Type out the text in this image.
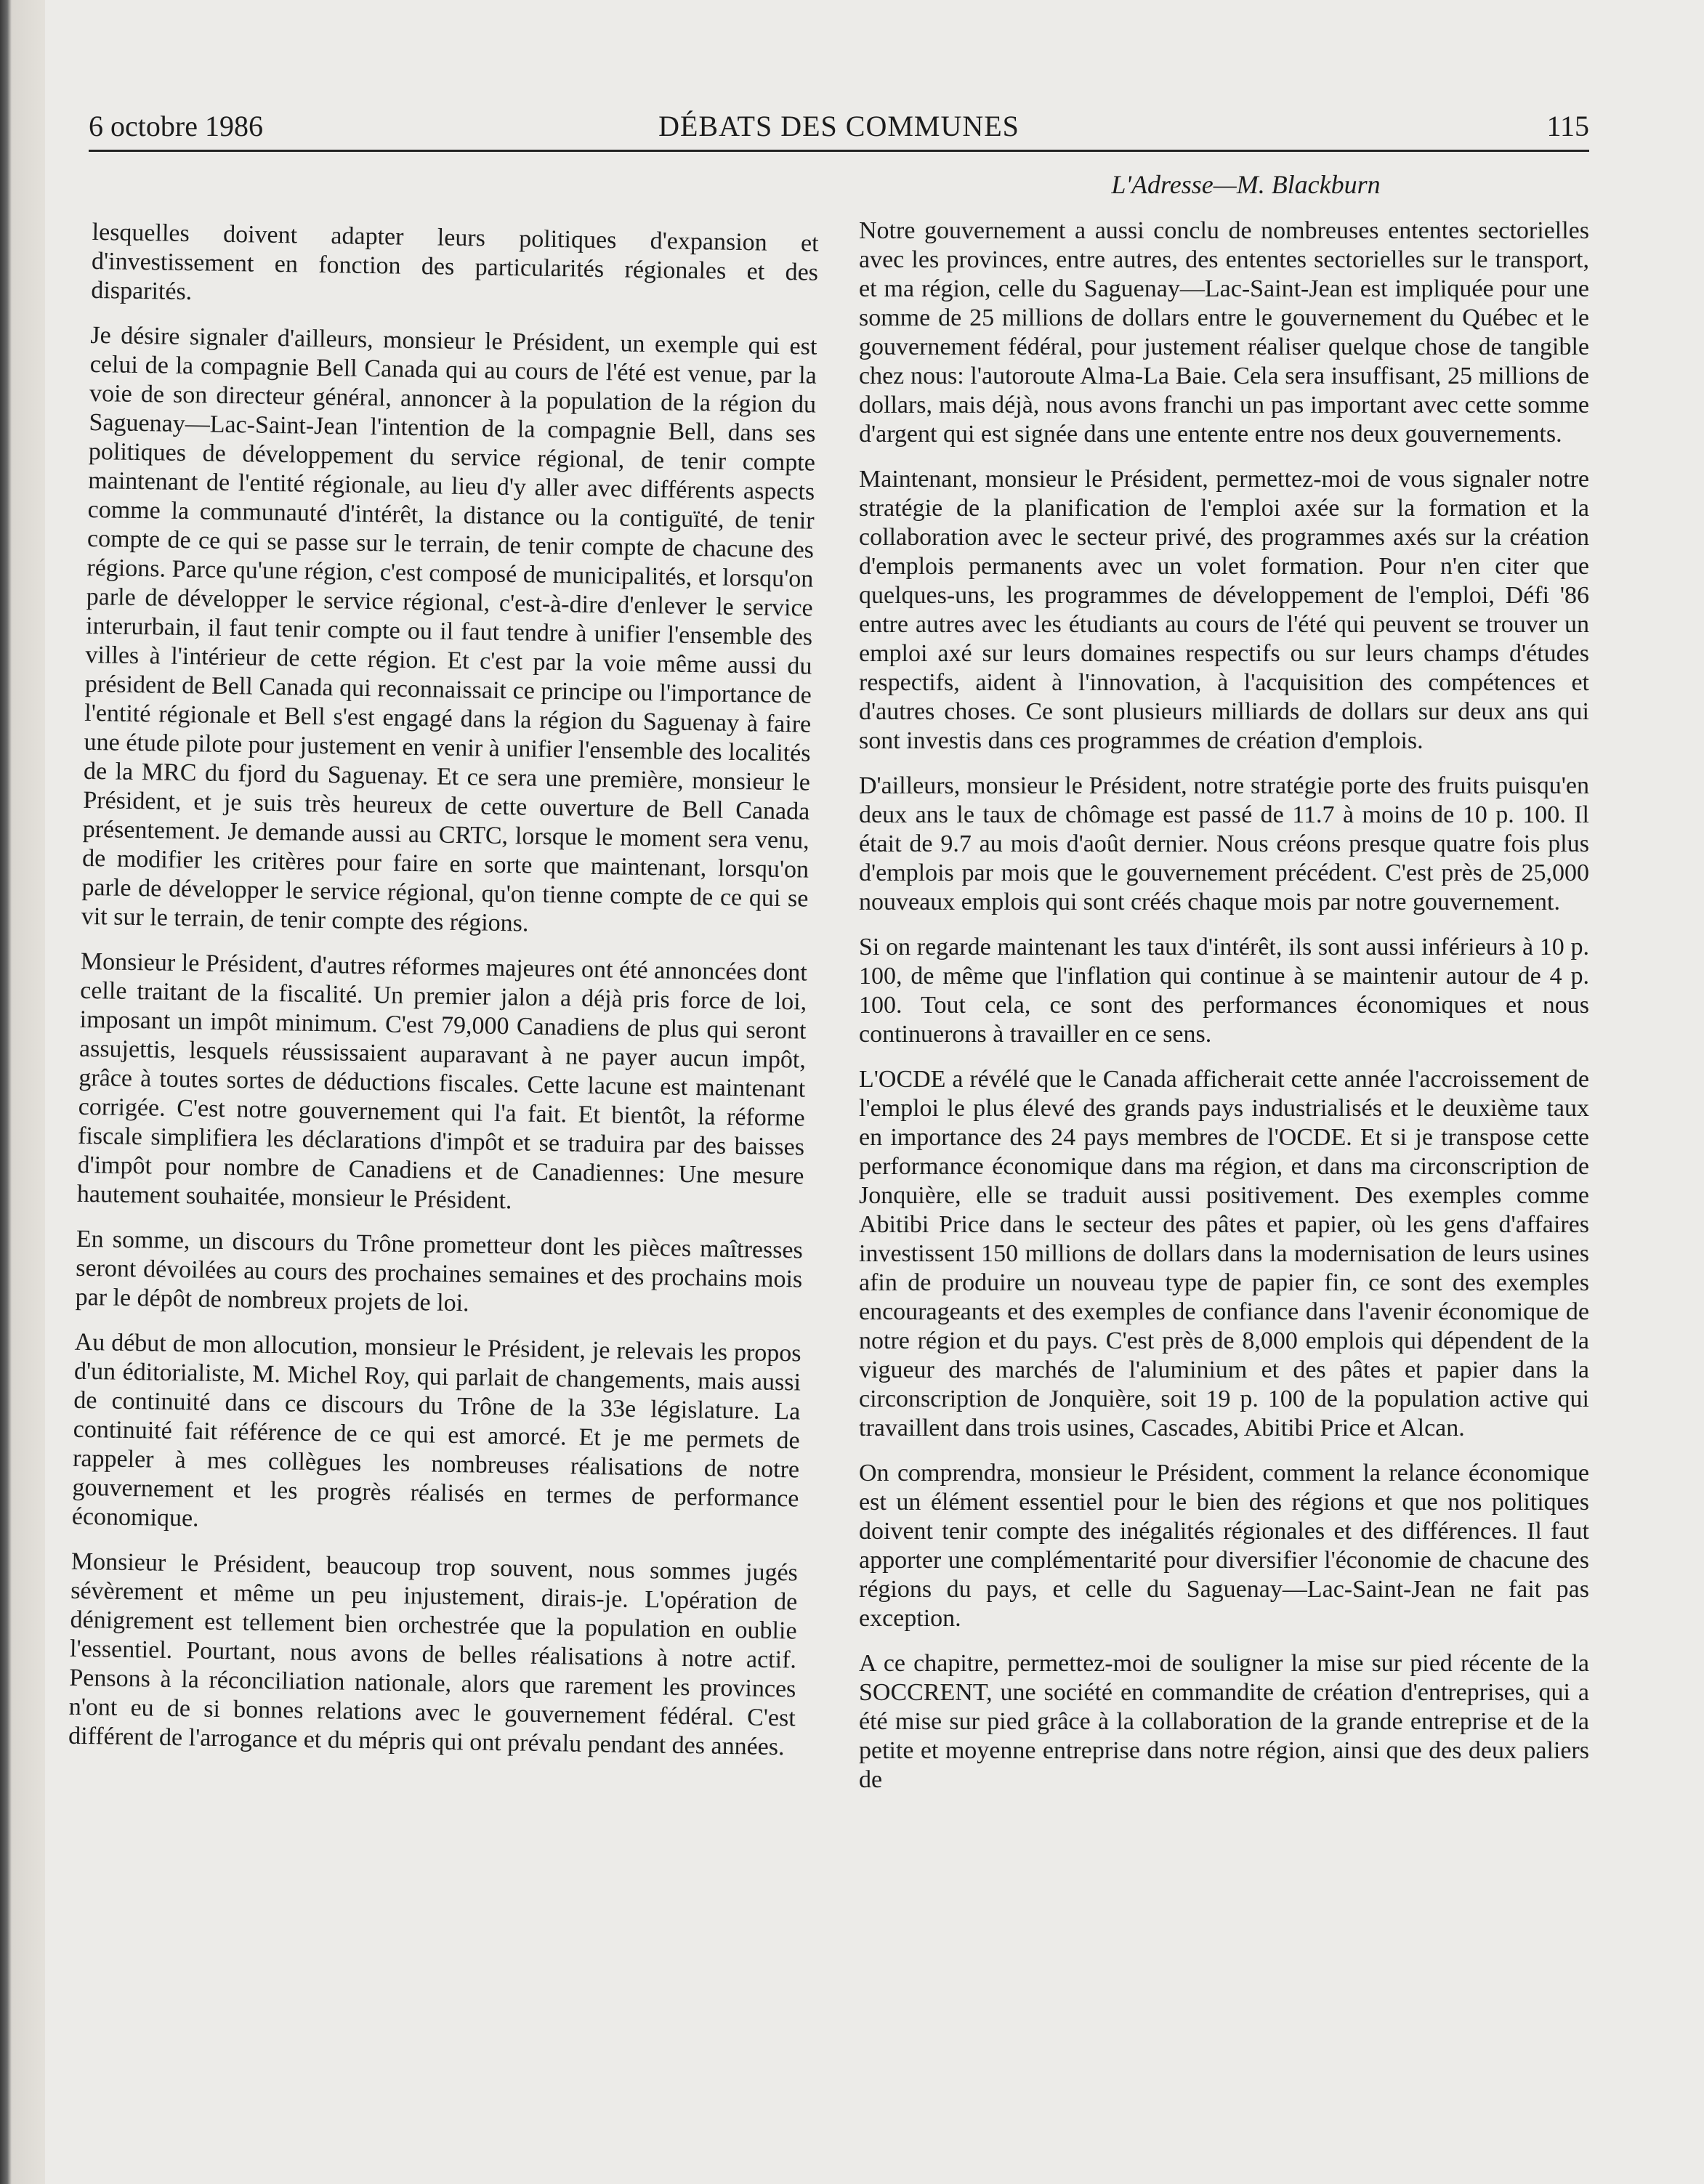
6 octobre 1986	DÉBATS DES COMMUNES	115

lesquelles doivent adapter leurs politiques d'expansion et d'investissement en fonction des particularités régionales et des disparités.

Je désire signaler d'ailleurs, monsieur le Président, un exemple qui est celui de la compagnie Bell Canada qui au cours de l'été est venue, par la voie de son directeur général, annoncer à la population de la région du Saguenay—Lac-Saint-Jean l'intention de la compagnie Bell, dans ses politiques de développement du service régional, de tenir compte maintenant de l'entité régionale, au lieu d'y aller avec différents aspects comme la communauté d'intérêt, la distance ou la contiguïté, de tenir compte de ce qui se passe sur le terrain, de tenir compte de chacune des régions. Parce qu'une région, c'est composé de municipalités, et lorsqu'on parle de développer le service régional, c'est-à-dire d'enlever le service interurbain, il faut tenir compte ou il faut tendre à unifier l'ensemble des villes à l'intérieur de cette région. Et c'est par la voie même aussi du président de Bell Canada qui reconnaissait ce principe ou l'importance de l'entité régionale et Bell s'est engagé dans la région du Saguenay à faire une étude pilote pour justement en venir à unifier l'ensemble des localités de la MRC du fjord du Saguenay. Et ce sera une première, monsieur le Président, et je suis très heureux de cette ouverture de Bell Canada présentement. Je demande aussi au CRTC, lorsque le moment sera venu, de modifier les critères pour faire en sorte que maintenant, lorsqu'on parle de développer le service régional, qu'on tienne compte de ce qui se vit sur le terrain, de tenir compte des régions.

Monsieur le Président, d'autres réformes majeures ont été annoncées dont celle traitant de la fiscalité. Un premier jalon a déjà pris force de loi, imposant un impôt minimum. C'est 79,000 Canadiens de plus qui seront assujettis, lesquels réussissaient auparavant à ne payer aucun impôt, grâce à toutes sortes de déductions fiscales. Cette lacune est maintenant corrigée. C'est notre gouvernement qui l'a fait. Et bientôt, la réforme fiscale simplifiera les déclarations d'impôt et se traduira par des baisses d'impôt pour nombre de Canadiens et de Canadiennes: Une mesure hautement souhaitée, monsieur le Président.

En somme, un discours du Trône prometteur dont les pièces maîtresses seront dévoilées au cours des prochaines semaines et des prochains mois par le dépôt de nombreux projets de loi.

Au début de mon allocution, monsieur le Président, je relevais les propos d'un éditorialiste, M. Michel Roy, qui parlait de changements, mais aussi de continuité dans ce discours du Trône de la 33e législature. La continuité fait référence de ce qui est amorcé. Et je me permets de rappeler à mes collègues les nombreuses réalisations de notre gouvernement et les progrès réalisés en termes de performance économique.

Monsieur le Président, beaucoup trop souvent, nous sommes jugés sévèrement et même un peu injustement, dirais-je. L'opération de dénigrement est tellement bien orchestrée que la population en oublie l'essentiel. Pourtant, nous avons de belles réalisations à notre actif. Pensons à la réconciliation nationale, alors que rarement les provinces n'ont eu de si bonnes relations avec le gouvernement fédéral. C'est différent de l'arrogance et du mépris qui ont prévalu pendant des années.

L'Adresse—M. Blackburn

Notre gouvernement a aussi conclu de nombreuses ententes sectorielles avec les provinces, entre autres, des ententes sectorielles sur le transport, et ma région, celle du Saguenay—Lac-Saint-Jean est impliquée pour une somme de 25 millions de dollars entre le gouvernement du Québec et le gouvernement fédéral, pour justement réaliser quelque chose de tangible chez nous: l'autoroute Alma-La Baie. Cela sera insuffisant, 25 millions de dollars, mais déjà, nous avons franchi un pas important avec cette somme d'argent qui est signée dans une entente entre nos deux gouvernements.

Maintenant, monsieur le Président, permettez-moi de vous signaler notre stratégie de la planification de l'emploi axée sur la formation et la collaboration avec le secteur privé, des programmes axés sur la création d'emplois permanents avec un volet formation. Pour n'en citer que quelques-uns, les programmes de développement de l'emploi, Défi '86 entre autres avec les étudiants au cours de l'été qui peuvent se trouver un emploi axé sur leurs domaines respectifs ou sur leurs champs d'études respectifs, aident à l'innovation, à l'acquisition des compétences et d'autres choses. Ce sont plusieurs milliards de dollars sur deux ans qui sont investis dans ces programmes de création d'emplois.

D'ailleurs, monsieur le Président, notre stratégie porte des fruits puisqu'en deux ans le taux de chômage est passé de 11.7 à moins de 10 p. 100. Il était de 9.7 au mois d'août dernier. Nous créons presque quatre fois plus d'emplois par mois que le gouvernement précédent. C'est près de 25,000 nouveaux emplois qui sont créés chaque mois par notre gouvernement.

Si on regarde maintenant les taux d'intérêt, ils sont aussi inférieurs à 10 p. 100, de même que l'inflation qui continue à se maintenir autour de 4 p. 100. Tout cela, ce sont des performances économiques et nous continuerons à travailler en ce sens.

L'OCDE a révélé que le Canada afficherait cette année l'accroissement de l'emploi le plus élevé des grands pays industrialisés et le deuxième taux en importance des 24 pays membres de l'OCDE. Et si je transpose cette performance économique dans ma région, et dans ma circonscription de Jonquière, elle se traduit aussi positivement. Des exemples comme Abitibi Price dans le secteur des pâtes et papier, où les gens d'affaires investissent 150 millions de dollars dans la modernisation de leurs usines afin de produire un nouveau type de papier fin, ce sont des exemples encourageants et des exemples de confiance dans l'avenir économique de notre région et du pays. C'est près de 8,000 emplois qui dépendent de la vigueur des marchés de l'aluminium et des pâtes et papier dans la circonscription de Jonquière, soit 19 p. 100 de la population active qui travaillent dans trois usines, Cascades, Abitibi Price et Alcan.

On comprendra, monsieur le Président, comment la relance économique est un élément essentiel pour le bien des régions et que nos politiques doivent tenir compte des inégalités régionales et des différences. Il faut apporter une complémentarité pour diversifier l'économie de chacune des régions du pays, et celle du Saguenay—Lac-Saint-Jean ne fait pas exception.

A ce chapitre, permettez-moi de souligner la mise sur pied récente de la SOCCRENT, une société en commandite de création d'entreprises, qui a été mise sur pied grâce à la collaboration de la grande entreprise et de la petite et moyenne entreprise dans notre région, ainsi que des deux paliers de
